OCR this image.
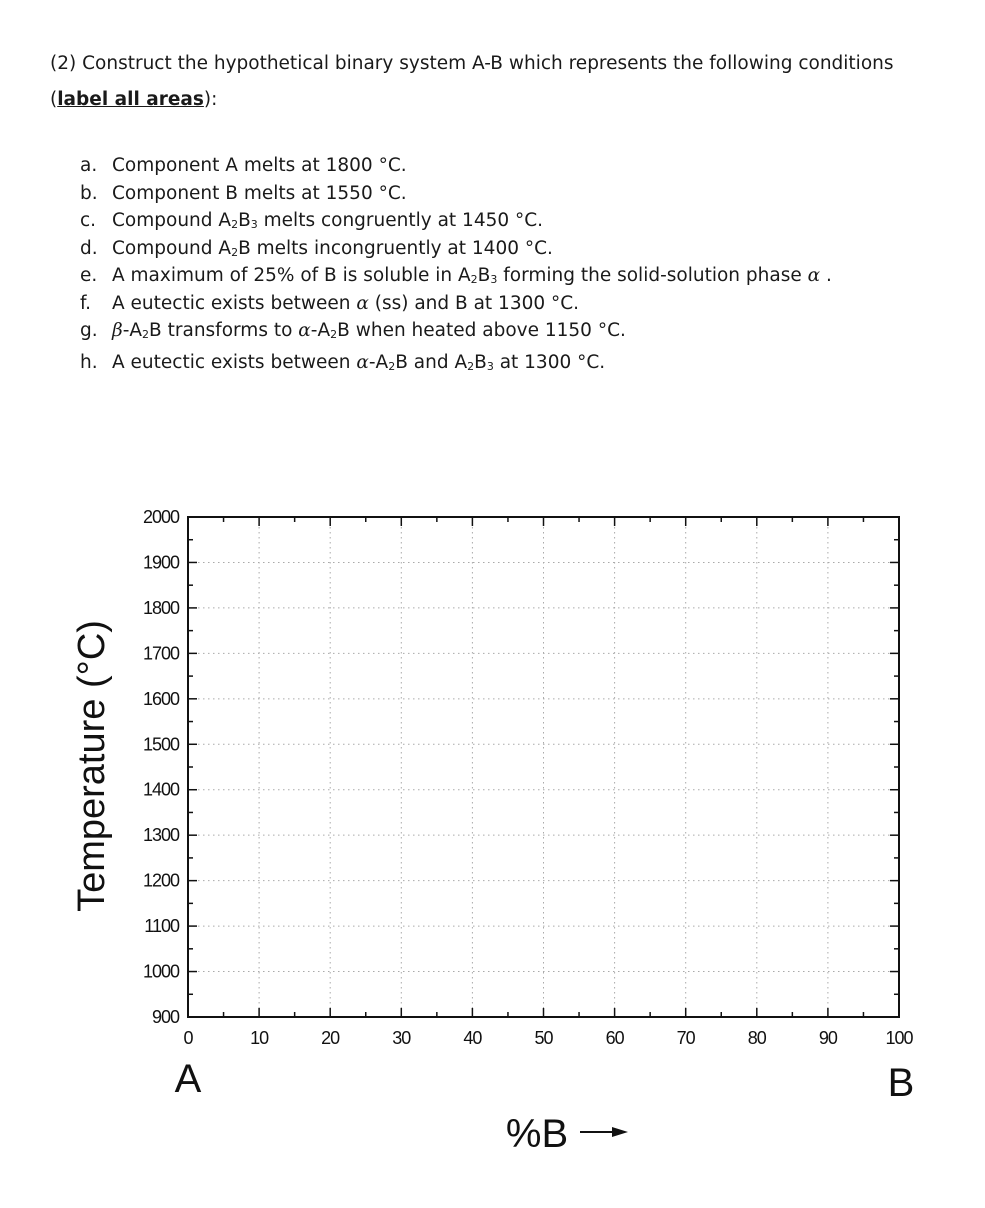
(2) Construct the hypothetical binary system A-B which represents the following conditions
(label all areas):
a. Component A melts at 1800 °C.
b. Component B melts at 1550 °C.
c. Compound $A_2B_3$ melts congruently at 1450 °C.
d. Compound $A_2B$ melts incongruently at 1400 °C.
e. A maximum of 25% of B is soluble in $A_2B_3$ forming the solid-solution phase α .
f. A eutectic exists between α (ss) and B at 1300 °C.
g. $\beta-A_2B$ transforms to $\alpha-A_2B$ when heated above 1150 °C.
h. A eutectic exists between $\alpha-A_2B$ and $A_2B_3$ at 1300 °C.
0	10	20	30	40	50	60	70	80	90	100
900
1000
1100
1200
1300
1400
1500
1600
1700
1800
1900
2000
Temperature (°C)
A	B
%B
